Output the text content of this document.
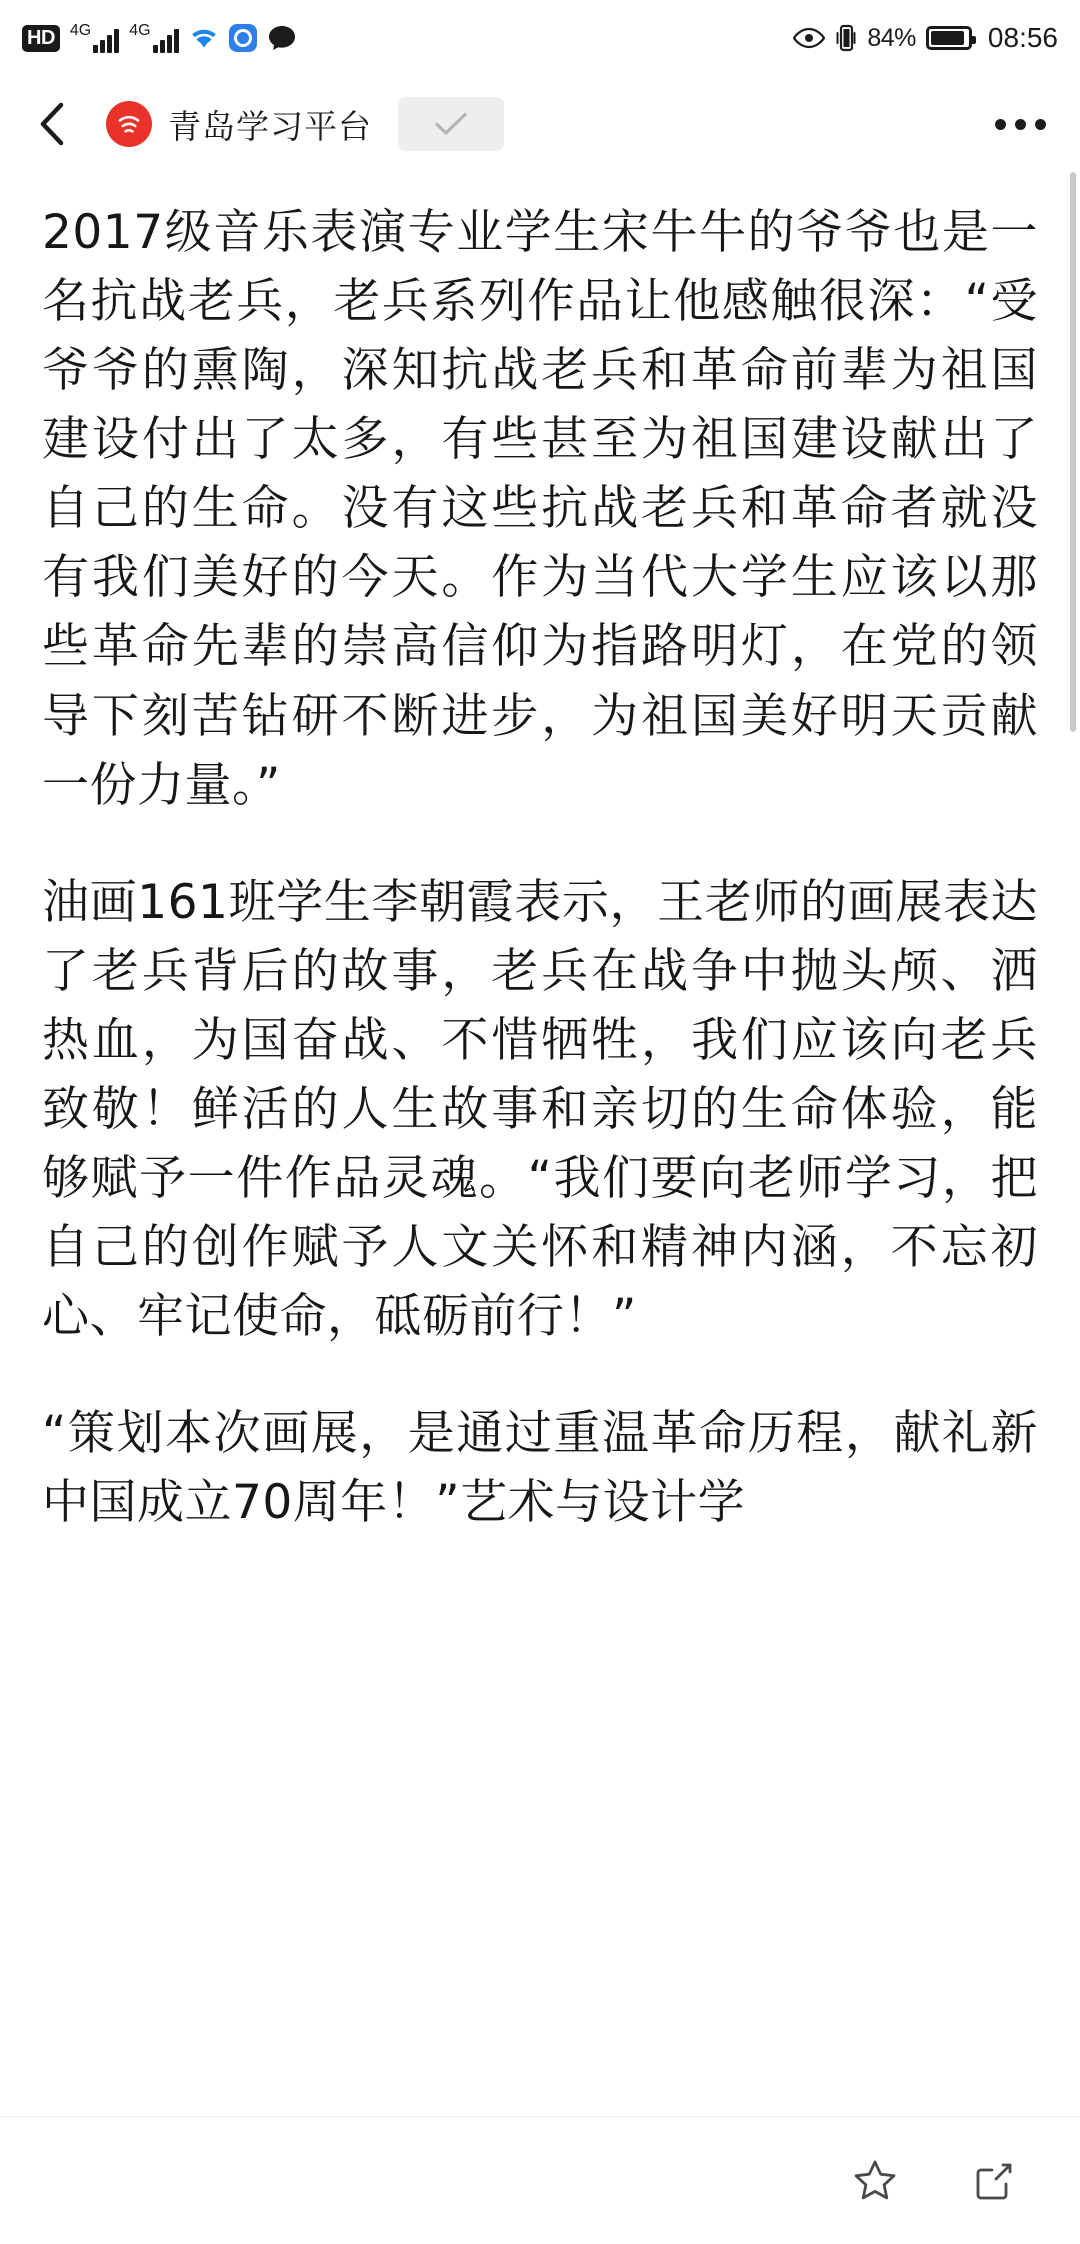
HD 4G 4G	84%	08:56
青岛学习平台

2017级音乐表演专业学生宋牛牛的爷爷也是一名抗战老兵，老兵系列作品让他感触很深：“受爷爷的熏陶，深知抗战老兵和革命前辈为祖国建设付出了太多，有些甚至为祖国建设献出了自己的生命。没有这些抗战老兵和革命者就没有我们美好的今天。作为当代大学生应该以那些革命先辈的崇高信仰为指路明灯，在党的领导下刻苦钻研不断进步，为祖国美好明天贡献一份力量。”

油画161班学生李朝霞表示，王老师的画展表达了老兵背后的故事，老兵在战争中抛头颅、洒热血，为国奋战、不惜牺牲，我们应该向老兵致敬！鲜活的人生故事和亲切的生命体验，能够赋予一件作品灵魂。“我们要向老师学习，把自己的创作赋予人文关怀和精神内涵，不忘初心、牢记使命，砥砺前行！”

“策划本次画展，是通过重温革命历程，献礼新中国成立70周年！”艺术与设计学
